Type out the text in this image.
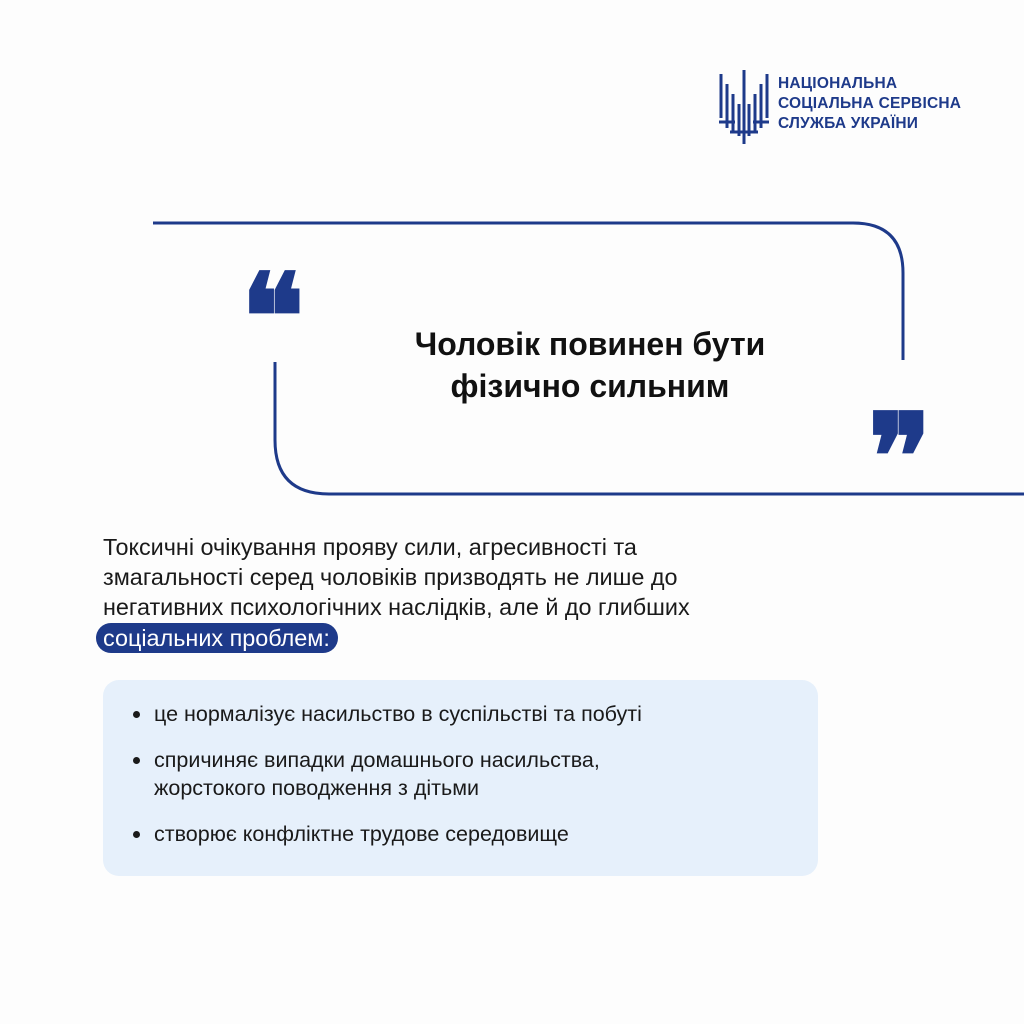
НАЦІОНАЛЬНА
СОЦІАЛЬНА СЕРВІСНА
СЛУЖБА УКРАЇНИ
❝
❞
Чоловік повинен бути
фізично сильним
Токсичні очікування прояву сили, агресивності та
змагальності серед чоловіків призводять не лише до
негативних психологічних наслідків, але й до глибших
соціальних проблем:
це нормалізує насильство в суспільстві та побуті
спричиняє випадки домашнього насильства,
жорстокого поводження з дітьми
створює конфліктне трудове середовище
